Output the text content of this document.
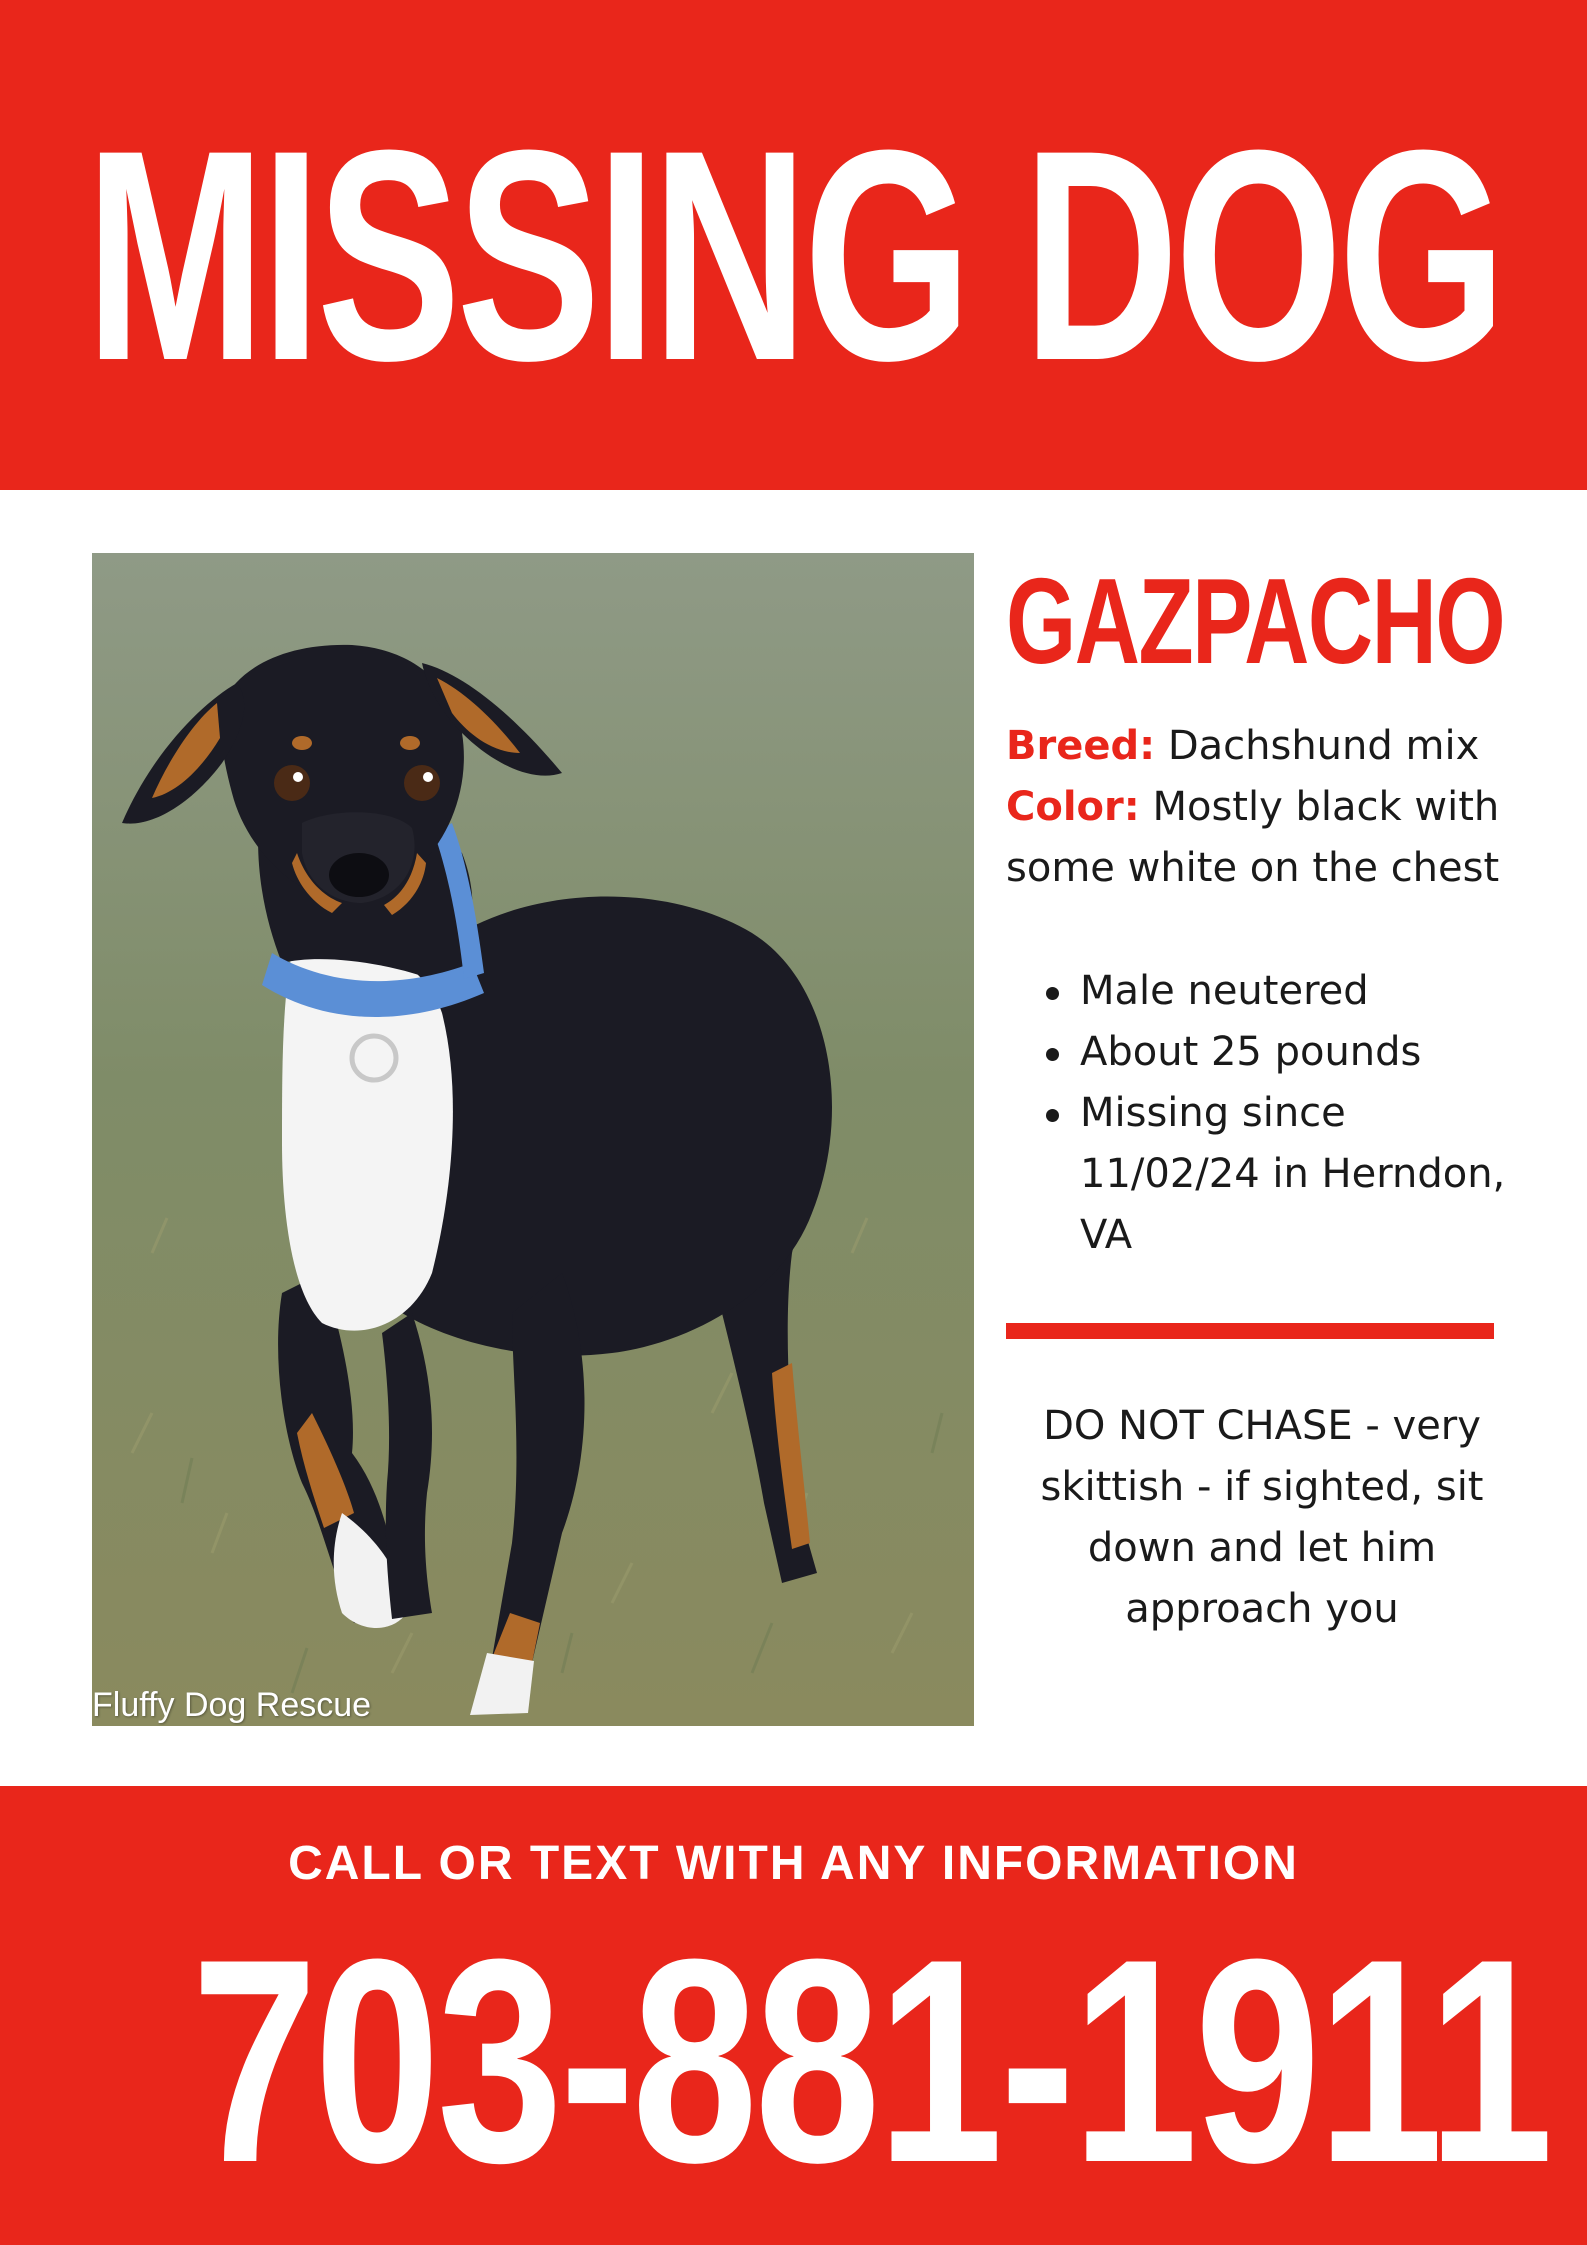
MISSING DOG
Fluffy Dog Rescue
GAZPACHO

Breed: Dachshund mix

Color: Mostly black with some white on the chest

Male neutered
About 25 pounds
Missing since 11/02/24 in Herndon, VA

DO NOT CHASE - very skittish - if sighted, sit down and let him approach you

CALL OR TEXT WITH ANY INFORMATION
703-881-1911
